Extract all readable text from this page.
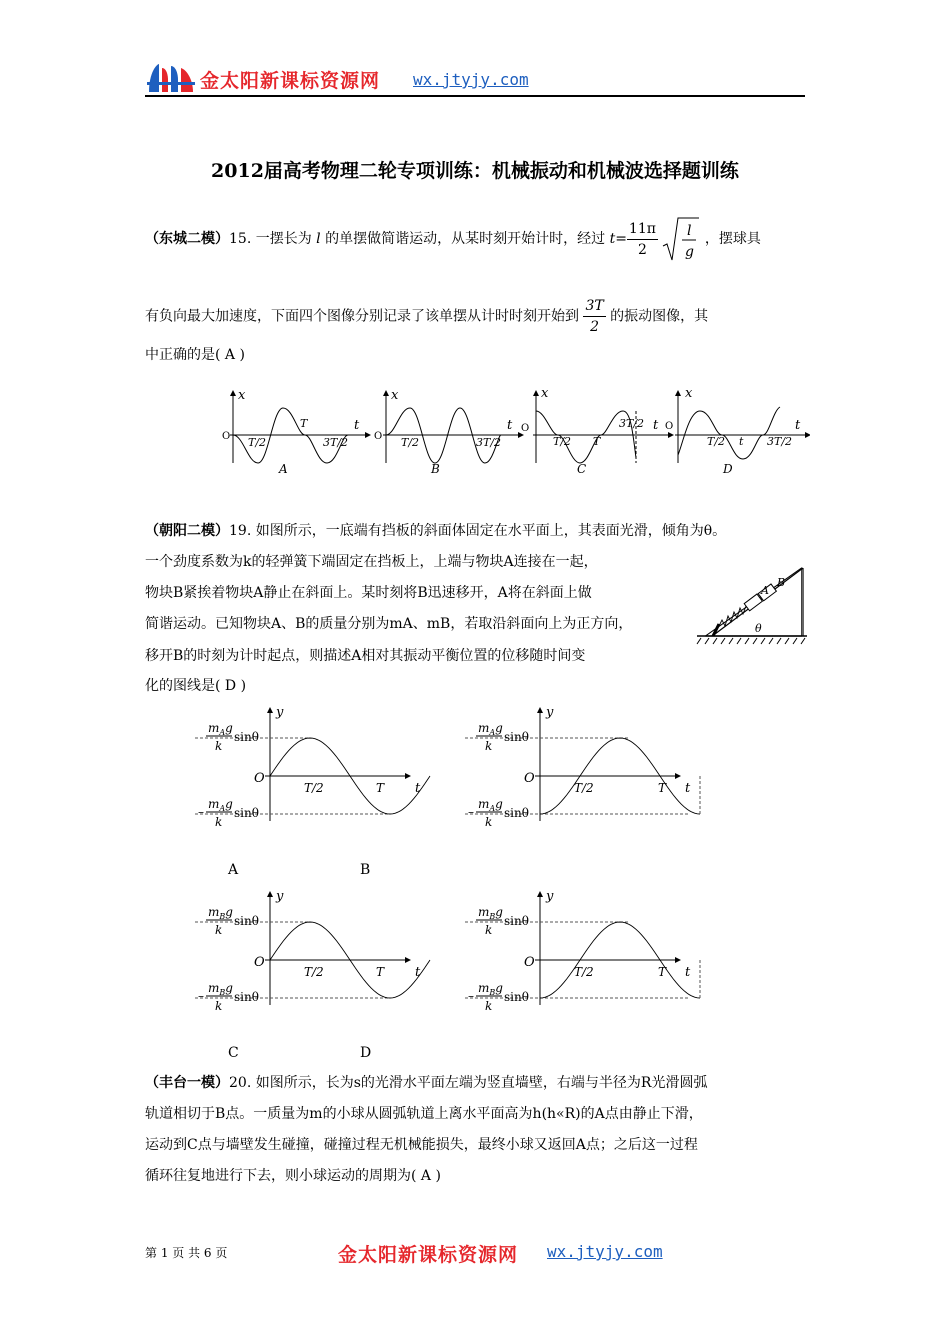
金太阳新课标资源网 wx.jtyjy.com
2012届高考物理二轮专项训练：机械振动和机械波选择题训练
（东城二模）15. 一摆长为 l 的单摆做简谐运动，从某时刻开始计时，经过 $t= \frac{11\pi}{2}$
l
g
，摆球具
有负向最大加速度，下面四个图像分别记录了该单摆从计时时刻开始到 $\frac{3T}{2}$ 的振动图像，其
中正确的是( A )
x
O
t
T/2
T
3T/2
A
x
O
t
T/2	3T/2
B
x
O	t
T/2 T
3T/2
C
x
O	t
T/2 t 3T/2
D
（朝阳二模）19. 如图所示，一底端有挡板的斜面体固定在水平面上，其表面光滑，倾角为θ。
一个劲度系数为k的轻弹簧下端固定在挡板上，上端与物块A连接在一起，
物块B紧挨着物块A静止在斜面上。某时刻将B迅速移开，A将在斜面上做
简谐运动。已知物块A、B的质量分别为mA、mB，若取沿斜面向上为正方向，
移开B的时刻为计时起点，则描述A相对其振动平衡位置的位移随时间变
化的图线是( D )
A
B
θ
y
O
t
T/2	T
$m_Ag$
k
sinθ
–
$m_Ag$
k
sinθ
y
O
t
T/2	T
$m_Ag$
k
sinθ
–
$m_Ag$
k
sinθ
y
O
t
T/2	T
$m_Bg$
k
sinθ
–
$m_Bg$
k
sinθ
y
O
t
T/2	T
$m_Bg$
k
sinθ
–
$m_Bg$
k
sinθ
A	B
C	D
（丰台一模）20. 如图所示，长为s的光滑水平面左端为竖直墙壁，右端与半径为R光滑圆弧
轨道相切于B点。一质量为m的小球从圆弧轨道上离水平面高为h(h«R)的A点由静止下滑，
运动到C点与墙壁发生碰撞，碰撞过程无机械能损失，最终小球又返回A点；之后这一过程
循环往复地进行下去，则小球运动的周期为( A )
第 1 页 共 6 页	金太阳新课标资源网 wx.jtyjy.com
